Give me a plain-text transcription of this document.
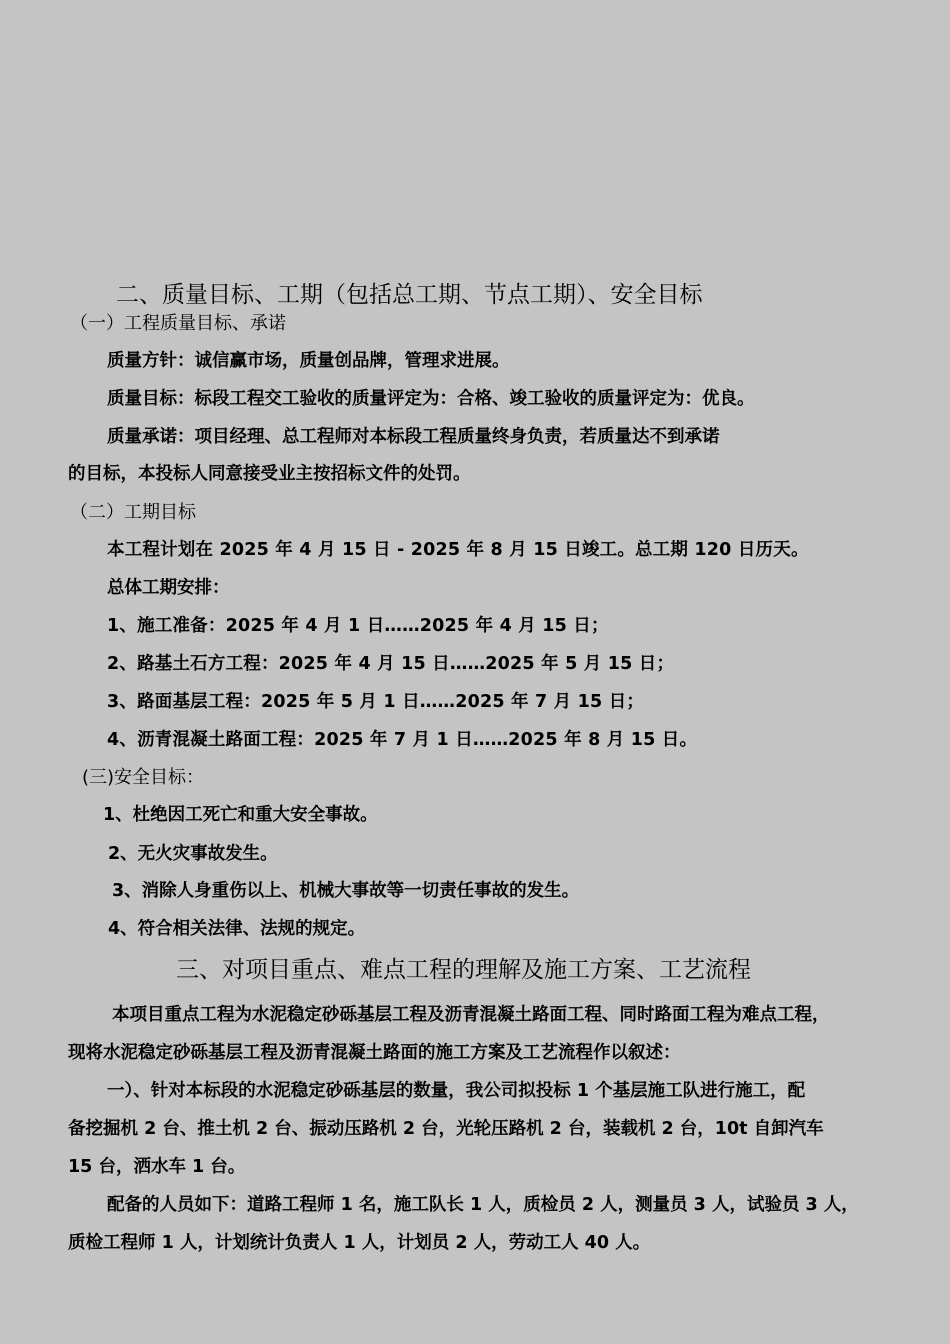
二、质量目标、工期（包括总工期、节点工期）、安全目标
（一）工程质量目标、承诺
质量方针：诚信赢市场，质量创品牌，管理求进展。
质量目标：标段工程交工验收的质量评定为：合格、竣工验收的质量评定为：优良。
质量承诺：项目经理、总工程师对本标段工程质量终身负责，若质量达不到承诺
的目标，本投标人同意接受业主按招标文件的处罚。
（二）工期目标
本工程计划在 2025 年 4 月 15 日 - 2025 年 8 月 15 日竣工。总工期 120 日历天。
总体工期安排：
1、施工准备：2025 年 4 月 1 日……2025 年 4 月 15 日；
2、路基土石方工程：2025 年 4 月 15 日……2025 年 5 月 15 日；
3、路面基层工程：2025 年 5 月 1 日……2025 年 7 月 15 日；
4、沥青混凝土路面工程：2025 年 7 月 1 日……2025 年 8 月 15 日。
(三)安全目标：
1、杜绝因工死亡和重大安全事故。
2、无火灾事故发生。
3、消除人身重伤以上、机械大事故等一切责任事故的发生。
4、符合相关法律、法规的规定。
三、对项目重点、难点工程的理解及施工方案、工艺流程
本项目重点工程为水泥稳定砂砾基层工程及沥青混凝土路面工程、同时路面工程为难点工程，
现将水泥稳定砂砾基层工程及沥青混凝土路面的施工方案及工艺流程作以叙述：
一）、针对本标段的水泥稳定砂砾基层的数量，我公司拟投标 1 个基层施工队进行施工，配
备挖掘机 2 台、推土机 2 台、振动压路机 2 台，光轮压路机 2 台，装载机 2 台，10t 自卸汽车
15 台，洒水车 1 台。
配备的人员如下：道路工程师 1 名，施工队长 1 人，质检员 2 人，测量员 3 人，试验员 3 人，
质检工程师 1 人，计划统计负责人 1 人，计划员 2 人，劳动工人 40 人。
